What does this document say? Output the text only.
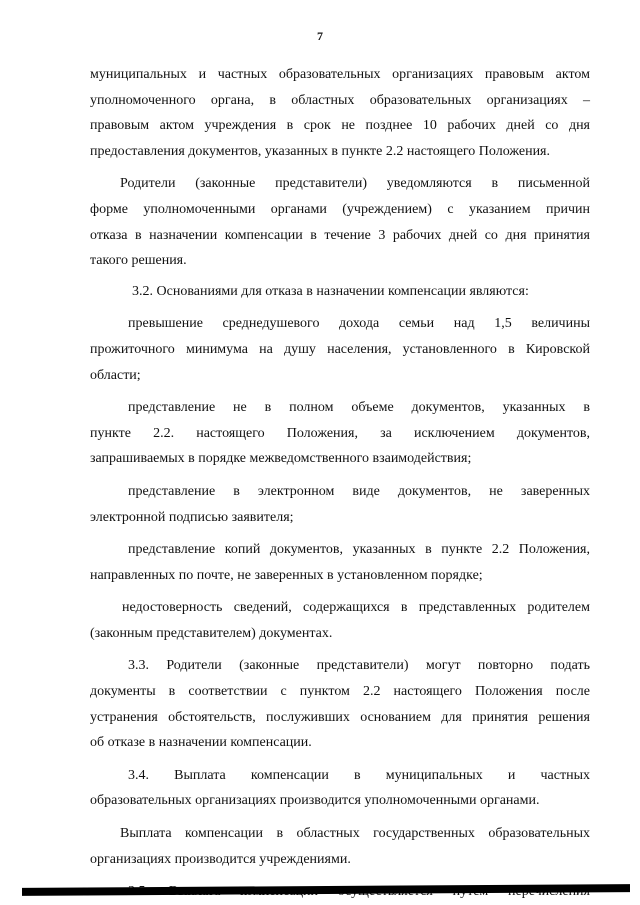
7
муниципальных и частных образовательных организациях правовым актом
уполномоченного органа, в областных образовательных организациях –
правовым актом учреждения в срок не позднее 10 рабочих дней со дня
предоставления документов, указанных в пункте 2.2 настоящего Положения.
Родители (законные представители) уведомляются в письменной
форме уполномоченными органами (учреждением) с указанием причин
отказа в назначении компенсации в течение 3 рабочих дней со дня принятия
такого решения.
3.2. Основаниями для отказа в назначении компенсации являются:
превышение среднедушевого дохода семьи над 1,5 величины
прожиточного минимума на душу населения, установленного в Кировской
области;
представление не в полном объеме документов, указанных в
пункте 2.2. настоящего Положения, за исключением документов,
запрашиваемых в порядке межведомственного взаимодействия;
представление в электронном виде документов, не заверенных
электронной подписью заявителя;
представление копий документов, указанных в пункте 2.2 Положения,
направленных по почте, не заверенных в установленном порядке;
недостоверность сведений, содержащихся в представленных родителем
(законным представителем) документах.
3.3. Родители (законные представители) могут повторно подать
документы в соответствии с пунктом 2.2 настоящего Положения после
устранения обстоятельств, послуживших основанием для принятия решения
об отказе в назначении компенсации.
3.4. Выплата компенсации в муниципальных и частных
образовательных организациях производится уполномоченными органами.
Выплата компенсации в областных государственных образовательных
организациях производится учреждениями.
